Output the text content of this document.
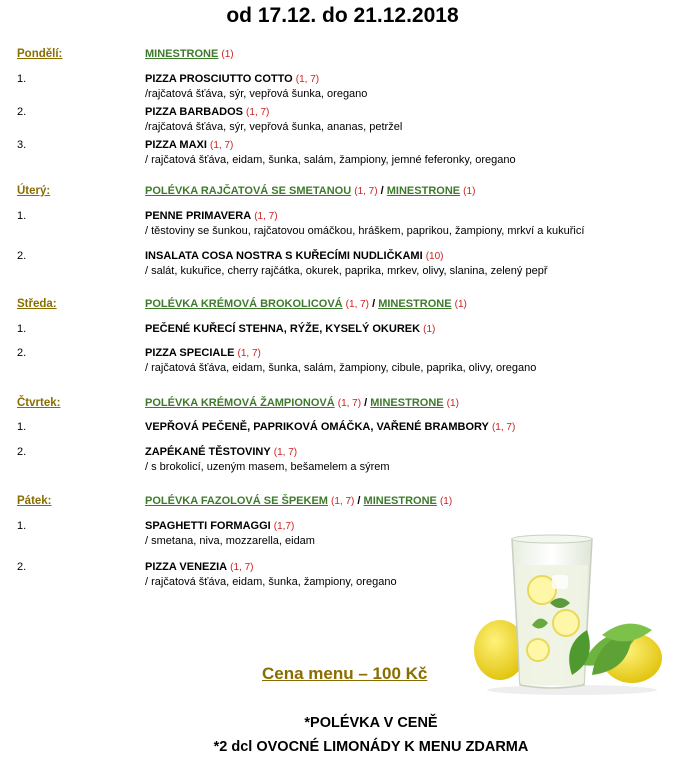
od 17.12. do 21.12.2018
Pondělí:	MINESTRONE (1)
1.	PIZZA PROSCIUTTO COTTO (1, 7)
/rajčatová šťáva, sýr, vepřová šunka, oregano
2.	PIZZA BARBADOS (1, 7)
/rajčatová šťáva, sýr, vepřová šunka, ananas, petržel
3.	PIZZA MAXI (1, 7)
/ rajčatová šťáva, eidam, šunka, salám, žampiony, jemné feferonky, oregano
Úterý:	POLÉVKA RAJČATOVÁ SE SMETANOU (1, 7) / MINESTRONE (1)
1.	PENNE PRIMAVERA (1, 7)
/ těstoviny se šunkou, rajčatovou omáčkou, hráškem, paprikou, žampiony, mrkví a kukuřicí
2.	INSALATA COSA NOSTRA S KUŘECÍMI NUDLIČKAMI (10)
/ salát, kukuřice, cherry rajčátka, okurek, paprika, mrkev, olivy, slanina, zelený pepř
Středa:	POLÉVKA KRÉMOVÁ BROKOLICOVÁ (1, 7) / MINESTRONE (1)
1.	PEČENÉ KUŘECÍ STEHNA, RÝŽE, KYSELÝ OKUREK (1)
2.	PIZZA SPECIALE (1, 7)
/ rajčatová šťáva, eidam, šunka, salám, žampiony, cibule, paprika, olivy, oregano
Čtvrtek:	POLÉVKA KRÉMOVÁ ŽAMPIONOVÁ (1, 7) / MINESTRONE (1)
1.	VEPŘOVÁ PEČENĚ, PAPRIKOVÁ OMÁČKA, VAŘENÉ BRAMBORY (1, 7)
2.	ZAPÉKANÉ TĚSTOVINY (1, 7)
/ s brokolicí, uzeným masem, bešamelem a sýrem
Pátek:	POLÉVKA FAZOLOVÁ SE ŠPEKEM (1, 7) / MINESTRONE (1)
1.	SPAGHETTI FORMAGGI (1,7)
/ smetana, niva, mozzarella, eidam
2.	PIZZA VENEZIA (1, 7)
/ rajčatová šťáva, eidam, šunka, žampiony, oregano
Cena menu – 100 Kč
*POLÉVKA V CENĚ
*2 dcl OVOCNÉ LIMONÁDY K MENU ZDARMA
